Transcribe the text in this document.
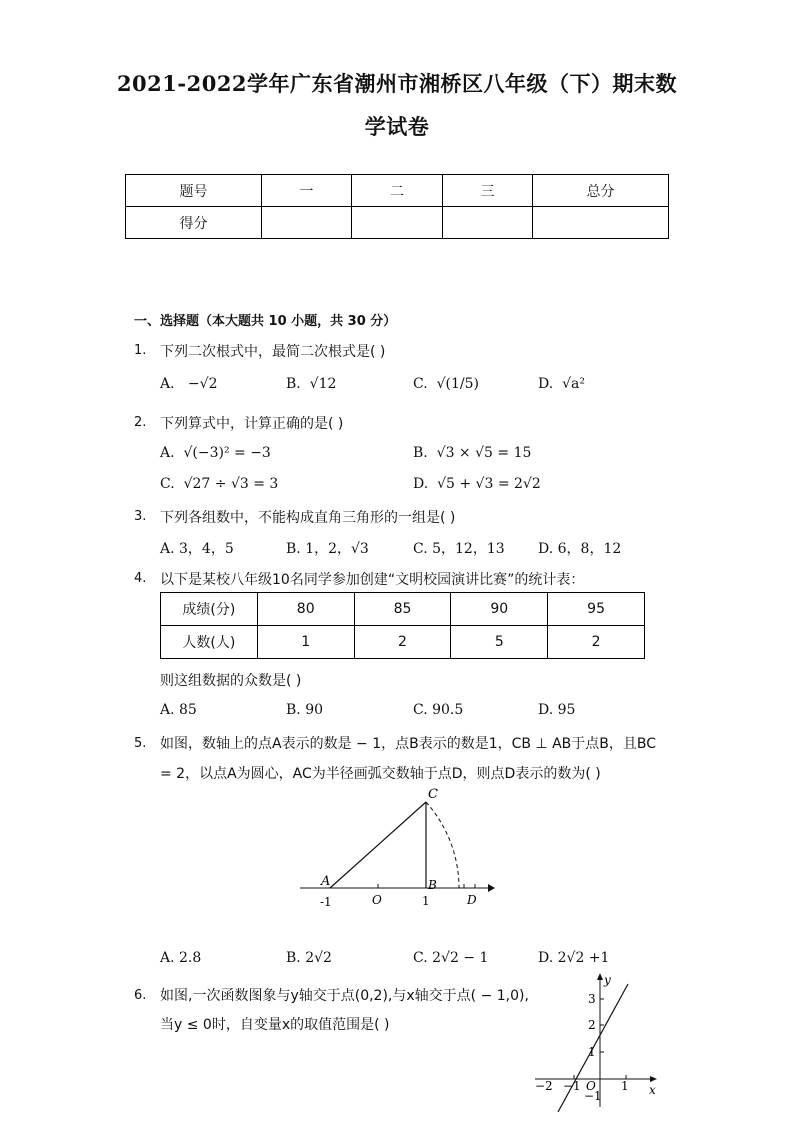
2021-2022学年广东省潮州市湘桥区八年级（下）期末数
学试卷
题号	一	二	三	总分
得分				
一、选择题（本大题共 10 小题，共 30 分）
1. 下列二次根式中，最简二次根式是( )
A. −√2	B. √12	C. √(1/5)	D. √a²
2. 下列算式中，计算正确的是( )
A. √(−3)² = −3	B. √3 × √5 = 15
C. √27 ÷ √3 = 3	D. √5 + √3 = 2√2
3. 下列各组数中，不能构成直角三角形的一组是( )
A. 3，4，5	B. 1，2，√3	C. 5，12，13 D. 6，8，12
4. 以下是某校八年级10名同学参加创建“文明校园演讲比赛”的统计表：
成绩(分)	80	85	90	95
人数(人)	1	2	5	2
则这组数据的众数是( )
A. 85	B. 90	C. 90.5	D. 95
5. 如图，数轴上的点A表示的数是 − 1，点B表示的数是1，CB ⊥ AB于点B，且BC
= 2，以点A为圆心，AC为半径画弧交数轴于点D，则点D表示的数为( )
C
A	B
O	D
-1	1
A. 2.8	B. 2√2	C. 2√2 − 1	D. 2√2 +1
6. 如图,一次函数图象与y轴交于点(0,2),与x轴交于点( − 1,0),
当y ≤ 0时，自变量x的取值范围是( )
y
x
O
3
2
1
−1
−2 −1	1
